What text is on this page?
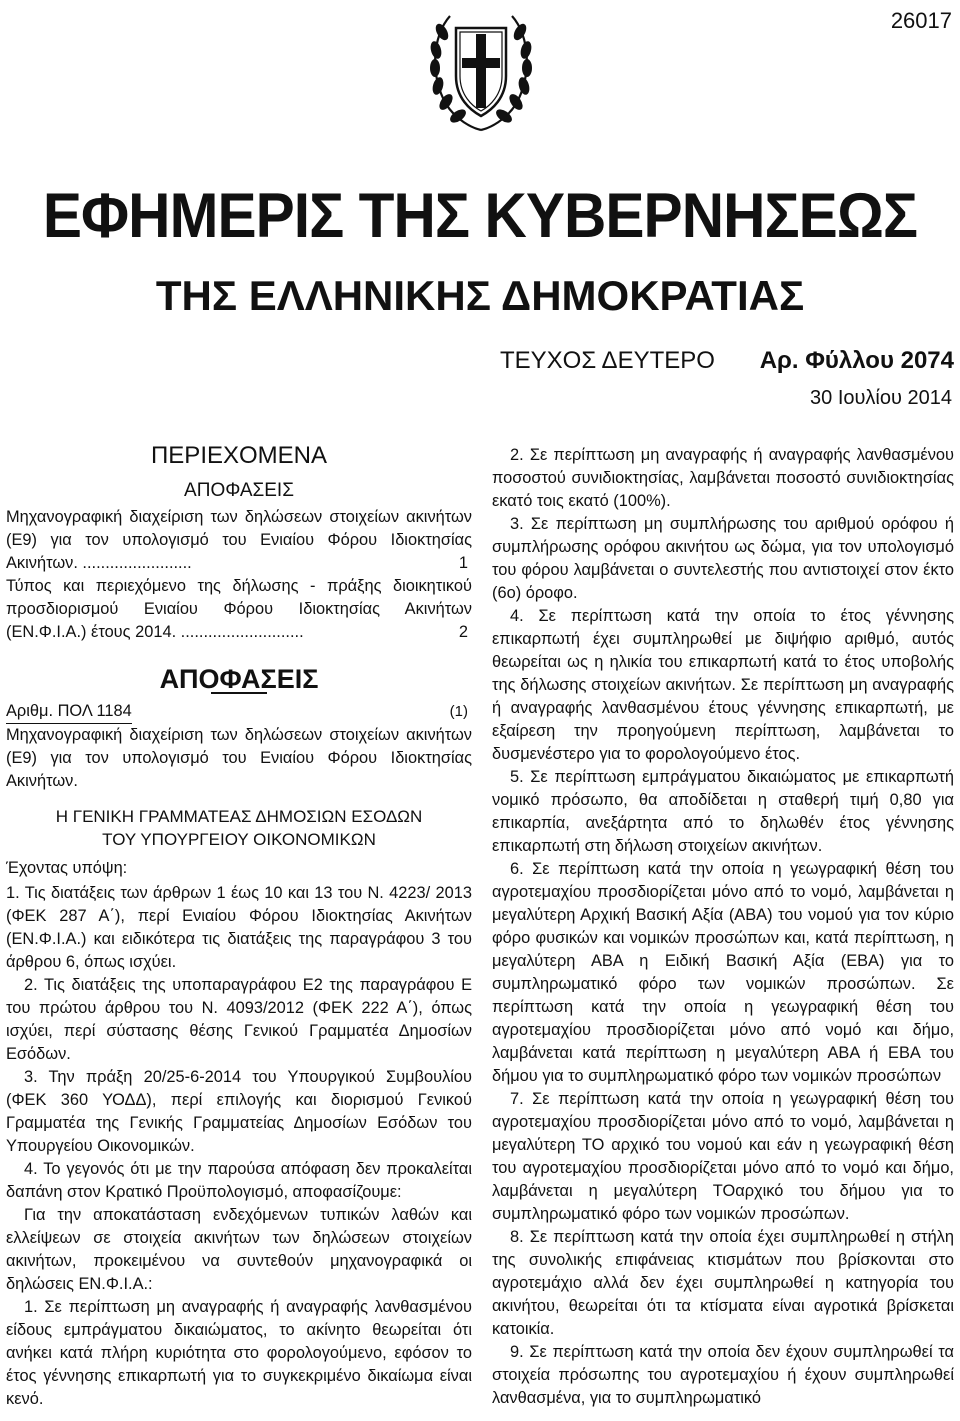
26017
ΕΦΗΜΕΡΙΣ ΤΗΣ ΚΥΒΕΡΝΗΣΕΩΣ
ΤΗΣ ΕΛΛΗΝΙΚΗΣ ΔΗΜΟΚΡΑΤΙΑΣ
ΤΕΥΧΟΣ ΔΕΥΤΕΡΟ Αρ. Φύλλου 2074
30 Ιουλίου 2014
ΠΕΡΙΕΧΟΜΕΝΑ
ΑΠΟΦΑΣΕΙΣ
Μηχανογραφική διαχείριση των δηλώσεων στοιχείων ακινήτων (Ε9) για τον υπολογισμό του Ενιαίου Φόρου Ιδιοκτησίας Ακινήτων. ........................	1
Τύπος και περιεχόμενο της δήλωσης - πράξης διοικητικού προσδιορισμού Ενιαίου Φόρου Ιδιοκτησίας Ακινήτων (ΕΝ.Φ.Ι.Α.) έτους 2014. ...........................	2
ΑΠΟΦΑΣΕΙΣ
Αριθμ. ΠΟΛ 1184	(1)

Μηχανογραφική διαχείριση των δηλώσεων στοιχείων ακινήτων (Ε9) για τον υπολογισμό του Ενιαίου Φόρου Ιδιοκτησίας Ακινήτων.

Η ΓΕΝΙΚΗ ΓΡΑΜΜΑΤΕΑΣ ΔΗΜΟΣΙΩΝ ΕΣΟΔΩΝ
ΤΟΥ ΥΠΟΥΡΓΕΙΟΥ ΟΙΚΟΝΟΜΙΚΩΝ

Έχοντας υπόψη:

1. Τις διατάξεις των άρθρων 1 έως 10 και 13 του Ν. 4223/ 2013 (ΦΕΚ 287 Α΄), περί Ενιαίου Φόρου Ιδιοκτησίας Ακινήτων (ΕΝ.Φ.Ι.Α.) και ειδικότερα τις διατάξεις της παραγράφου 3 του άρθρου 6, όπως ισχύει.

2. Τις διατάξεις της υποπαραγράφου Ε2 της παραγράφου Ε του πρώτου άρθρου του Ν. 4093/2012 (ΦΕΚ 222 Α΄), όπως ισχύει, περί σύστασης θέσης Γενικού Γραμματέα Δημοσίων Εσόδων.

3. Την πράξη 20/25-6-2014 του Υπουργικού Συμβουλίου (ΦΕΚ 360 ΥΟΔΔ), περί επιλογής και διορισμού Γενικού Γραμματέα της Γενικής Γραμματείας Δημοσίων Εσόδων του Υπουργείου Οικονομικών.

4. Το γεγονός ότι με την παρούσα απόφαση δεν προκαλείται δαπάνη στον Κρατικό Προϋπολογισμό, αποφασίζουμε:

Για την αποκατάσταση ενδεχόμενων τυπικών λαθών και ελλείψεων σε στοιχεία ακινήτων των δηλώσεων στοιχείων ακινήτων, προκειμένου να συντεθούν μηχανογραφικά οι δηλώσεις ΕΝ.Φ.Ι.Α.:

1. Σε περίπτωση μη αναγραφής ή αναγραφής λανθασμένου είδους εμπράγματου δικαιώματος, το ακίνητο θεωρείται ότι ανήκει κατά πλήρη κυριότητα στο φορολογούμενο, εφόσον το έτος γέννησης επικαρπωτή για το συγκεκριμένο δικαίωμα είναι κενό.

2. Σε περίπτωση μη αναγραφής ή αναγραφής λανθασμένου ποσοστού συνιδιοκτησίας, λαμβάνεται ποσοστό συνιδιοκτησίας εκατό τοις εκατό (100%).

3. Σε περίπτωση μη συμπλήρωσης του αριθμού ορόφου ή συμπλήρωσης ορόφου ακινήτου ως δώμα, για τον υπολογισμό του φόρου λαμβάνεται ο συντελεστής που αντιστοιχεί στον έκτο (6ο) όροφο.

4. Σε περίπτωση κατά την οποία το έτος γέννησης επικαρπωτή έχει συμπληρωθεί με διψήφιο αριθμό, αυτός θεωρείται ως η ηλικία του επικαρπωτή κατά το έτος υποβολής της δήλωσης στοιχείων ακινήτων. Σε περίπτωση μη αναγραφής ή αναγραφής λανθασμένου έτους γέννησης επικαρπωτή, με εξαίρεση την προηγούμενη περίπτωση, λαμβάνεται το δυσμενέστερο για το φορολογούμενο έτος.

5. Σε περίπτωση εμπράγματου δικαιώματος με επικαρπωτή νομικό πρόσωπο, θα αποδίδεται η σταθερή τιμή 0,80 για επικαρπία, ανεξάρτητα από το δηλωθέν έτος γέννησης επικαρπωτή στη δήλωση στοιχείων ακινήτων.

6. Σε περίπτωση κατά την οποία η γεωγραφική θέση του αγροτεμαχίου προσδιορίζεται μόνο από το νομό, λαμβάνεται η μεγαλύτερη Αρχική Βασική Αξία (ΑΒΑ) του νομού για τον κύριο φόρο φυσικών και νομικών προσώπων και, κατά περίπτωση, η μεγαλύτερη ΑΒΑ η Ειδική Βασική Αξία (ΕΒΑ) για το συμπληρωματικό φόρο των νομικών προσώπων. Σε περίπτωση κατά την οποία η γεωγραφική θέση του αγροτεμαχίου προσδιορίζεται μόνο από νομό και δήμο, λαμβάνεται κατά περίπτωση η μεγαλύτερη ΑΒΑ ή ΕΒΑ του δήμου για το συμπληρωματικό φόρο των νομικών προσώπων

7. Σε περίπτωση κατά την οποία η γεωγραφική θέση του αγροτεμαχίου προσδιορίζεται μόνο από το νομό, λαμβάνεται η μεγαλύτερη ΤΟ αρχικό του νομού και εάν η γεωγραφική θέση του αγροτεμαχίου προσδιορίζεται μόνο από το νομό και δήμο, λαμβάνεται η μεγαλύτερη ΤΟαρχικό του δήμου για το συμπληρωματικό φόρο των νομικών προσώπων.

8. Σε περίπτωση κατά την οποία έχει συμπληρωθεί η στήλη της συνολικής επιφάνειας κτισμάτων που βρίσκονται στο αγροτεμάχιο αλλά δεν έχει συμπληρωθεί η κατηγορία του ακινήτου, θεωρείται ότι τα κτίσματα είναι αγροτικά βρίσκεται κατοικία.

9. Σε περίπτωση κατά την οποία δεν έχουν συμπληρωθεί τα στοιχεία πρόσωπης του αγροτεμαχίου ή έχουν συμπληρωθεί λανθασμένα, για το συμπληρωματικό
